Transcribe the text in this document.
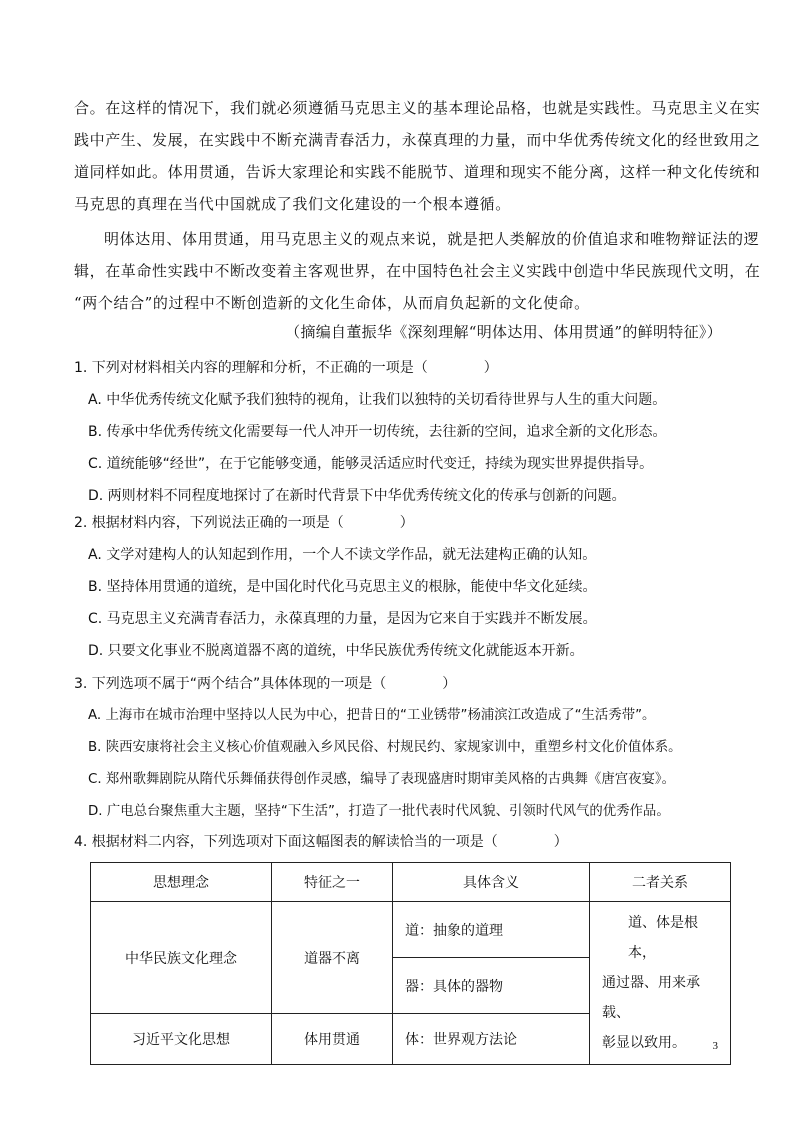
合。在这样的情况下，我们就必须遵循马克思主义的基本理论品格，也就是实践性。马克思主义在实
践中产生、发展，在实践中不断充满青春活力，永葆真理的力量，而中华优秀传统文化的经世致用之
道同样如此。体用贯通，告诉大家理论和实践不能脱节、道理和现实不能分离，这样一种文化传统和
马克思的真理在当代中国就成了我们文化建设的一个根本遵循。
明体达用、体用贯通，用马克思主义的观点来说，就是把人类解放的价值追求和唯物辩证法的逻
辑，在革命性实践中不断改变着主客观世界，在中国特色社会主义实践中创造中华民族现代文明，在
“两个结合”的过程中不断创造新的文化生命体，从而肩负起新的文化使命。
（摘编自董振华《深刻理解“明体达用、体用贯通”的鲜明特征》）
1. 下列对材料相关内容的理解和分析，不正确的一项是（　　　　）
A. 中华优秀传统文化赋予我们独特的视角，让我们以独特的关切看待世界与人生的重大问题。
B. 传承中华优秀传统文化需要每一代人冲开一切传统，去往新的空间，追求全新的文化形态。
C. 道统能够“经世”，在于它能够变通，能够灵活适应时代变迁，持续为现实世界提供指导。
D. 两则材料不同程度地探讨了在新时代背景下中华优秀传统文化的传承与创新的问题。
2. 根据材料内容，下列说法正确的一项是（　　　　）
A. 文学对建构人的认知起到作用，一个人不读文学作品，就无法建构正确的认知。
B. 坚持体用贯通的道统，是中国化时代化马克思主义的根脉，能使中华文化延续。
C. 马克思主义充满青春活力，永葆真理的力量，是因为它来自于实践并不断发展。
D. 只要文化事业不脱离道器不离的道统，中华民族优秀传统文化就能返本开新。
3. 下列选项不属于“两个结合”具体体现的一项是（　　　　）
A. 上海市在城市治理中坚持以人民为中心，把昔日的“工业锈带”杨浦滨江改造成了“生活秀带”。
B. 陕西安康将社会主义核心价值观融入乡风民俗、村规民约、家规家训中，重塑乡村文化价值体系。
C. 郑州歌舞剧院从隋代乐舞俑获得创作灵感，编导了表现盛唐时期审美风格的古典舞《唐宫夜宴》。
D. 广电总台聚焦重大主题，坚持“下生活”，打造了一批代表时代风貌、引领时代风气的优秀作品。
4. 根据材料二内容，下列选项对下面这幅图表的解读恰当的一项是（　　　　）
思想理念	特征之一	具体含义	二者关系
中华民族文化理念	道器不离	道：抽象的道理	道、体是根本，
通过器、用来承载、
彰显以致用。

		器：具体的器物	
习近平文化思想	体用贯通	体：世界观方法论		3
